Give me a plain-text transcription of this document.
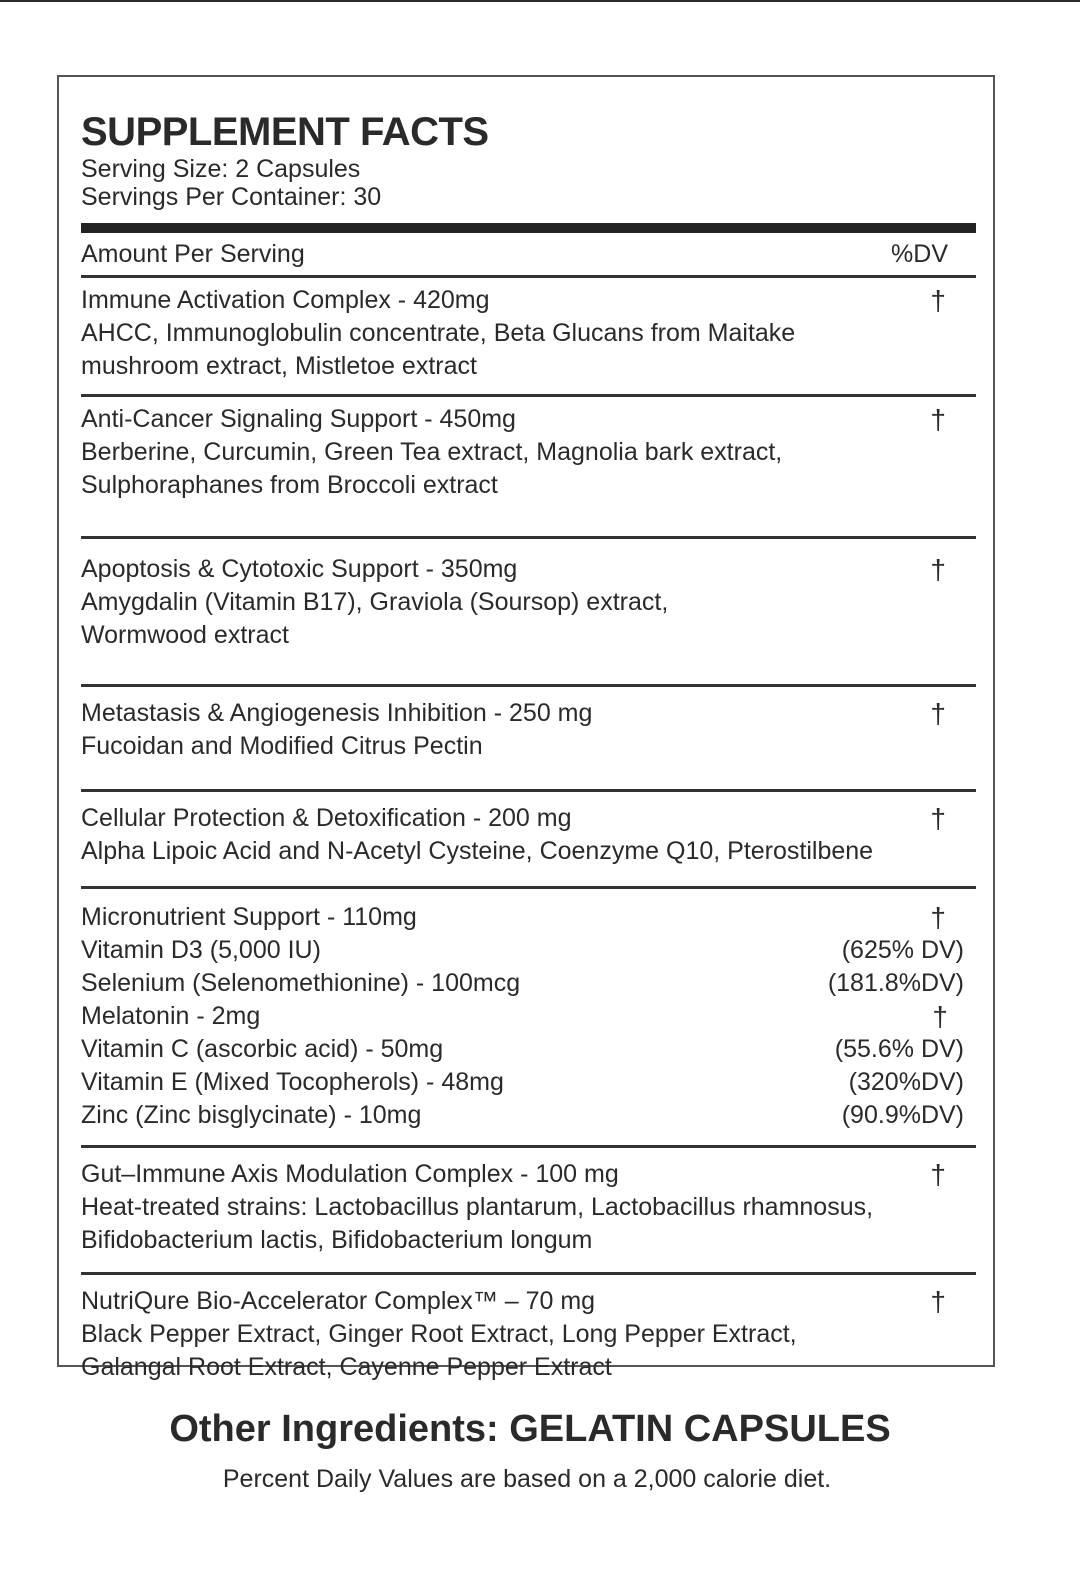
SUPPLEMENT FACTS
Serving Size: 2 Capsules
Servings Per Container: 30
Amount Per Serving	%DV
Immune Activation Complex - 420mg	†
AHCC, Immunoglobulin concentrate, Beta Glucans from Maitake
mushroom extract, Mistletoe extract
Anti-Cancer Signaling Support - 450mg	†
Berberine, Curcumin, Green Tea extract, Magnolia bark extract,
Sulphoraphanes from Broccoli extract
Apoptosis & Cytotoxic Support - 350mg	†
Amygdalin (Vitamin B17), Graviola (Soursop) extract,
Wormwood extract
Metastasis & Angiogenesis Inhibition - 250 mg	†
Fucoidan and Modified Citrus Pectin
Cellular Protection & Detoxification - 200 mg	†
Alpha Lipoic Acid and N-Acetyl Cysteine, Coenzyme Q10, Pterostilbene
Micronutrient Support - 110mg	†
Vitamin D3 (5,000 IU)	(625% DV)
Selenium (Selenomethionine) - 100mcg	(181.8%DV)
Melatonin - 2mg	†
Vitamin C (ascorbic acid) - 50mg	(55.6% DV)
Vitamin E (Mixed Tocopherols) - 48mg	(320%DV)
Zinc (Zinc bisglycinate) - 10mg	(90.9%DV)
Gut–Immune Axis Modulation Complex - 100 mg	†
Heat-treated strains: Lactobacillus plantarum, Lactobacillus rhamnosus,
Bifidobacterium lactis, Bifidobacterium longum
NutriQure Bio-Accelerator Complex™ – 70 mg	†
Black Pepper Extract, Ginger Root Extract, Long Pepper Extract,
Galangal Root Extract, Cayenne Pepper Extract
Other Ingredients: GELATIN CAPSULES
Percent Daily Values are based on a 2,000 calorie diet.
